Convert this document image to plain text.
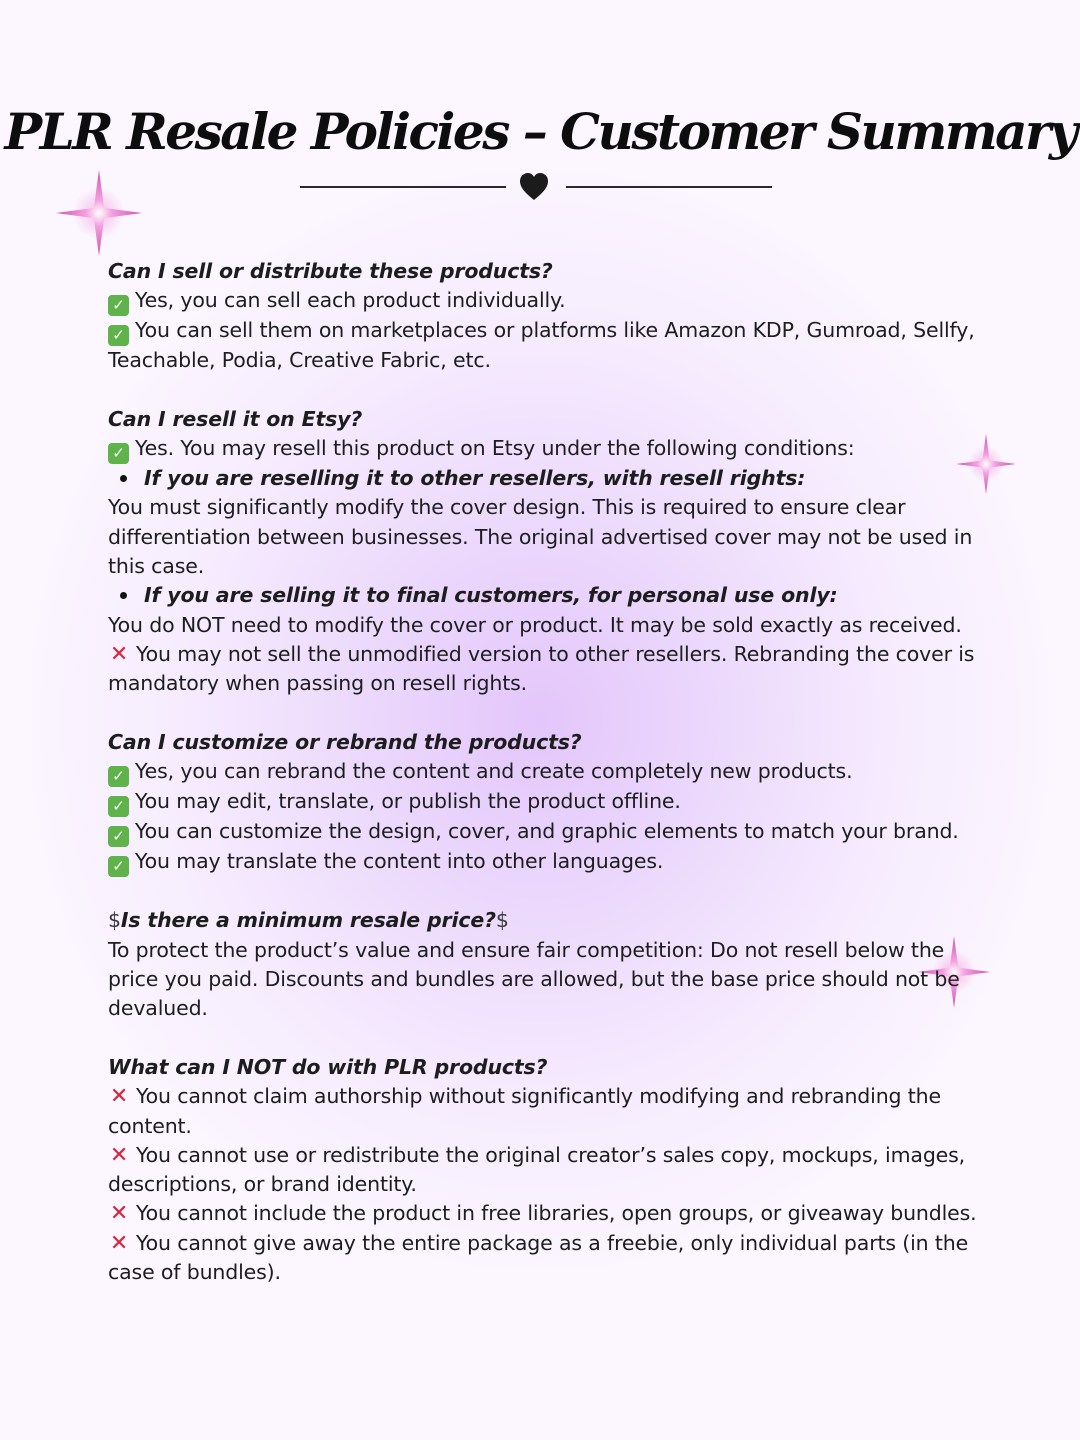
PLR Resale Policies – Customer Summary

Can I sell or distribute these products?

✓ Yes, you can sell each product individually.

✓ You can sell them on marketplaces or platforms like Amazon KDP, Gumroad, Sellfy, Teachable, Podia, Creative Fabric, etc.

Can I resell it on Etsy?

✓ Yes. You may resell this product on Etsy under the following conditions:

If you are reselling it to other resellers, with resell rights:

You must significantly modify the cover design. This is required to ensure clear differentiation between businesses. The original advertised cover may not be used in this case.

If you are selling it to final customers, for personal use only:

You do NOT need to modify the cover or product. It may be sold exactly as received.

✕ You may not sell the unmodified version to other resellers. Rebranding the cover is mandatory when passing on resell rights.

Can I customize or rebrand the products?

✓ Yes, you can rebrand the content and create completely new products.

✓ You may edit, translate, or publish the product offline.

✓ You can customize the design, cover, and graphic elements to match your brand.

✓ You may translate the content into other languages.

$Is there a minimum resale price?$

To protect the product’s value and ensure fair competition: Do not resell below the price you paid. Discounts and bundles are allowed, but the base price should not be devalued.

What can I NOT do with PLR products?

✕ You cannot claim authorship without significantly modifying and rebranding the content.

✕ You cannot use or redistribute the original creator’s sales copy, mockups, images, descriptions, or brand identity.

✕ You cannot include the product in free libraries, open groups, or giveaway bundles.

✕ You cannot give away the entire package as a freebie, only individual parts (in the case of bundles).
